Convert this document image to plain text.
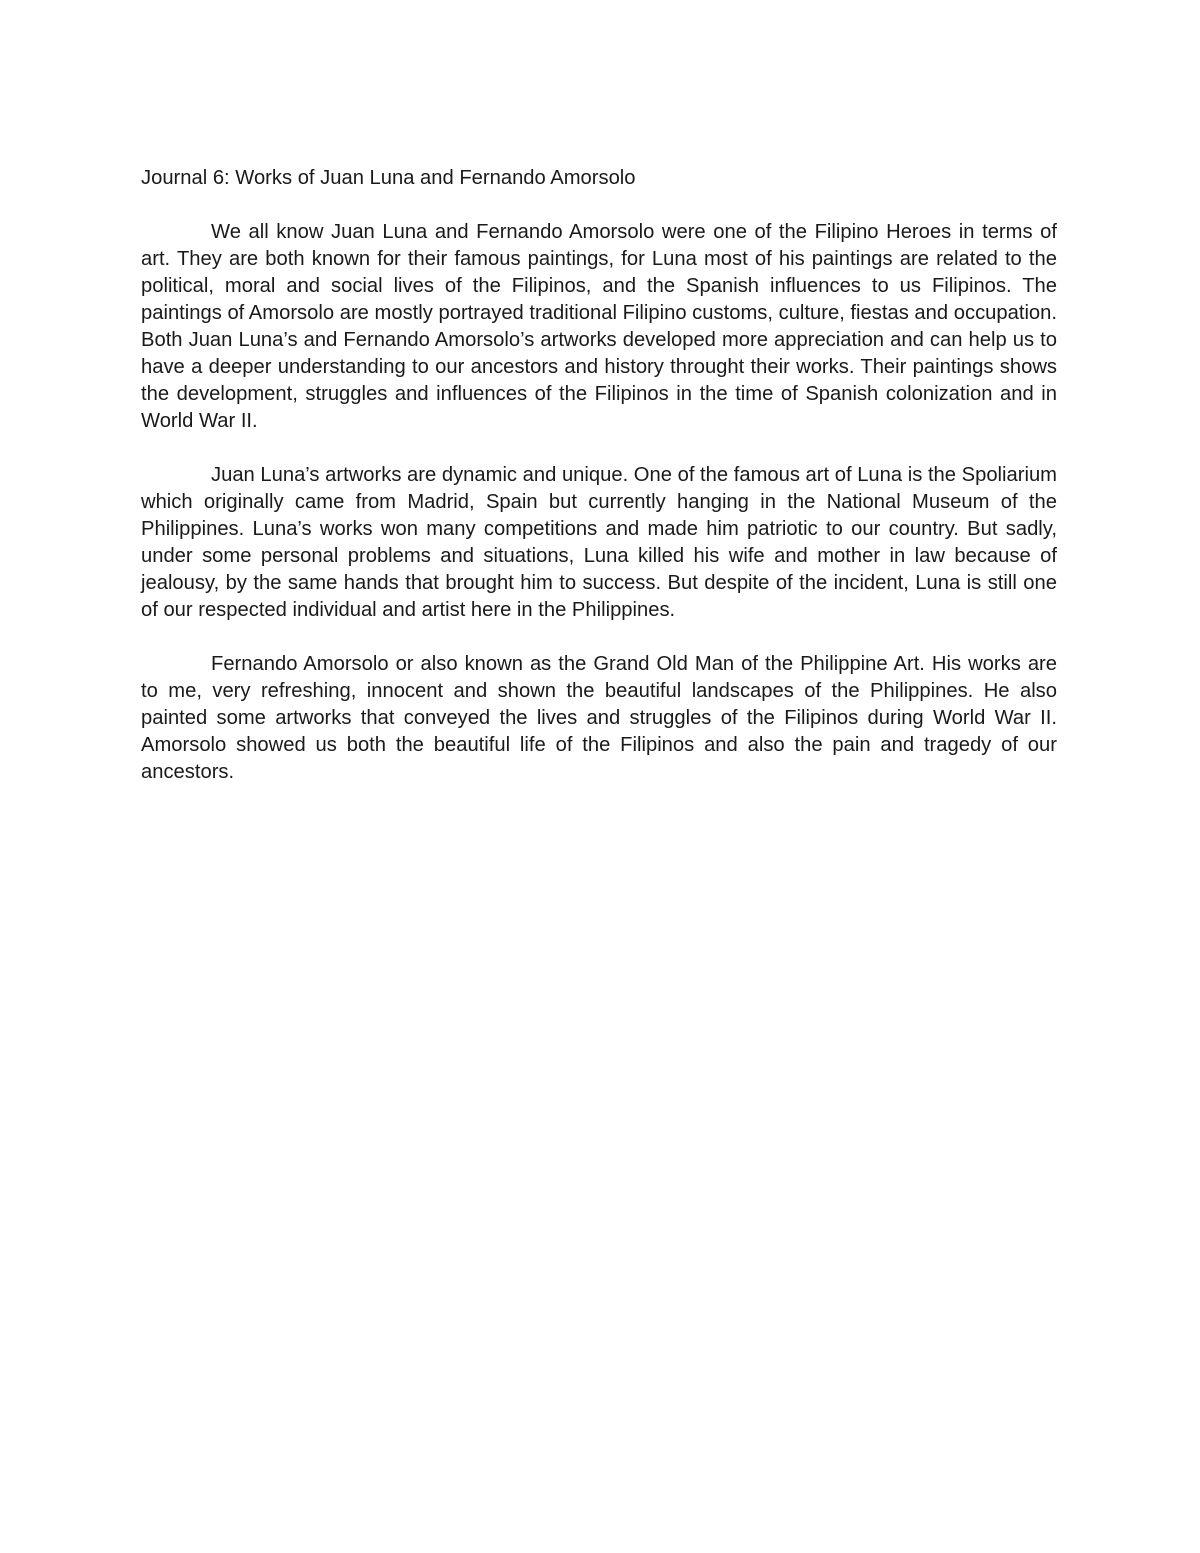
Journal 6: Works of Juan Luna and Fernando Amorsolo

We all know Juan Luna and Fernando Amorsolo were one of the Filipino Heroes in terms of art. They are both known for their famous paintings, for Luna most of his paintings are related to the political, moral and social lives of the Filipinos, and the Spanish influences to us Filipinos. The paintings of Amorsolo are mostly portrayed traditional Filipino customs, culture, fiestas and occupation. Both Juan Luna’s and Fernando Amorsolo’s artworks developed more appreciation and can help us to have a deeper understanding to our ancestors and history throught their works. Their paintings shows the development, struggles and influences of the Filipinos in the time of Spanish colonization and in World War II.

Juan Luna’s artworks are dynamic and unique. One of the famous art of Luna is the Spoliarium which originally came from Madrid, Spain but currently hanging in the National Museum of the Philippines. Luna’s works won many competitions and made him patriotic to our country. But sadly, under some personal problems and situations, Luna killed his wife and mother in law because of jealousy, by the same hands that brought him to success. But despite of the incident, Luna is still one of our respected individual and artist here in the Philippines.

Fernando Amorsolo or also known as the Grand Old Man of the Philippine Art. His works are to me, very refreshing, innocent and shown the beautiful landscapes of the Philippines. He also painted some artworks that conveyed the lives and struggles of the Filipinos during World War II. Amorsolo showed us both the beautiful life of the Filipinos and also the pain and tragedy of our ancestors.
